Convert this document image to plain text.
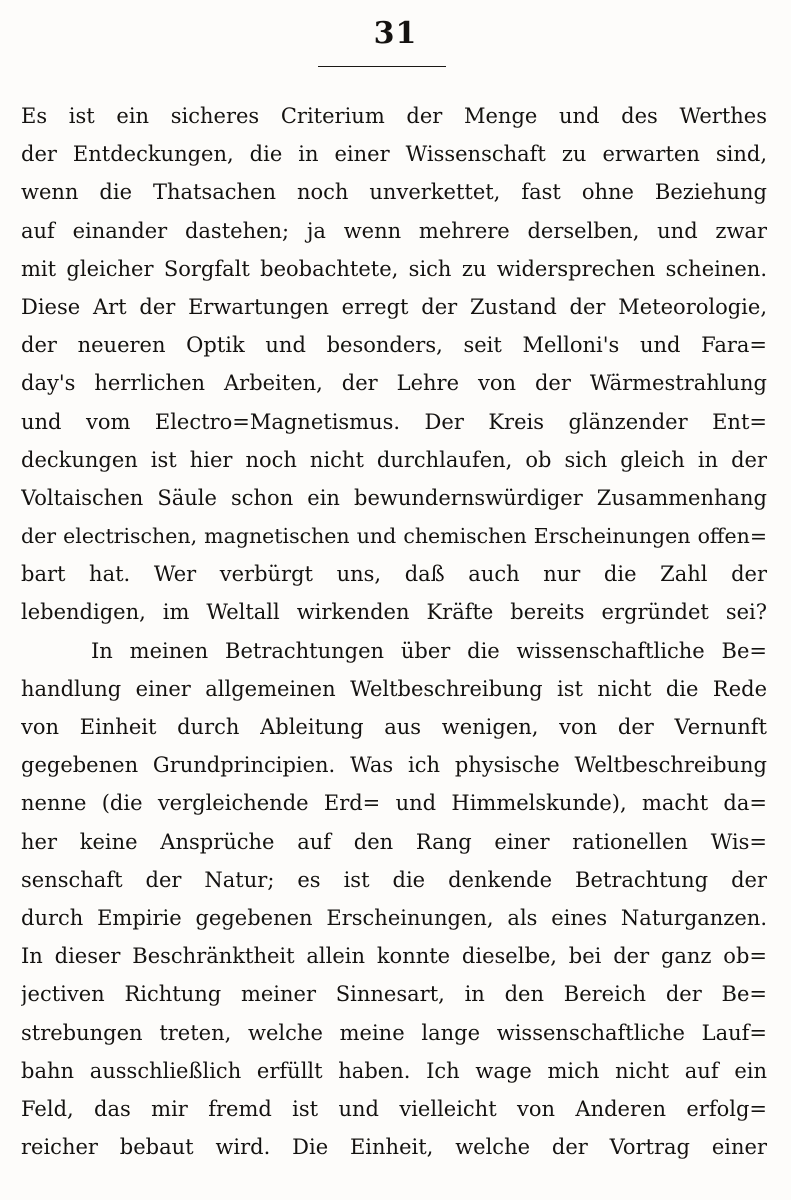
31
Es ist ein sicheres Criterium der Menge und des Werthes
der Entdeckungen, die in einer Wissenschaft zu erwarten sind,
wenn die Thatsachen noch unverkettet, fast ohne Beziehung
auf einander dastehen; ja wenn mehrere derselben, und zwar
mit gleicher Sorgfalt beobachtete, sich zu widersprechen scheinen.
Diese Art der Erwartungen erregt der Zustand der Meteorologie,
der neueren Optik und besonders, seit Melloni's und Fara=
day's herrlichen Arbeiten, der Lehre von der Wärmestrahlung
und vom Electro=Magnetismus. Der Kreis glänzender Ent=
deckungen ist hier noch nicht durchlaufen, ob sich gleich in der
Voltaischen Säule schon ein bewundernswürdiger Zusammenhang
der electrischen, magnetischen und chemischen Erscheinungen offen=
bart hat. Wer verbürgt uns, daß auch nur die Zahl der
lebendigen, im Weltall wirkenden Kräfte bereits ergründet sei?
In meinen Betrachtungen über die wissenschaftliche Be=
handlung einer allgemeinen Weltbeschreibung ist nicht die Rede
von Einheit durch Ableitung aus wenigen, von der Vernunft
gegebenen Grundprincipien. Was ich physische Weltbeschreibung
nenne (die vergleichende Erd= und Himmelskunde), macht da=
her keine Ansprüche auf den Rang einer rationellen Wis=
senschaft der Natur; es ist die denkende Betrachtung der
durch Empirie gegebenen Erscheinungen, als eines Naturganzen.
In dieser Beschränktheit allein konnte dieselbe, bei der ganz ob=
jectiven Richtung meiner Sinnesart, in den Bereich der Be=
strebungen treten, welche meine lange wissenschaftliche Lauf=
bahn ausschließlich erfüllt haben. Ich wage mich nicht auf ein
Feld, das mir fremd ist und vielleicht von Anderen erfolg=
reicher bebaut wird. Die Einheit, welche der Vortrag einer
